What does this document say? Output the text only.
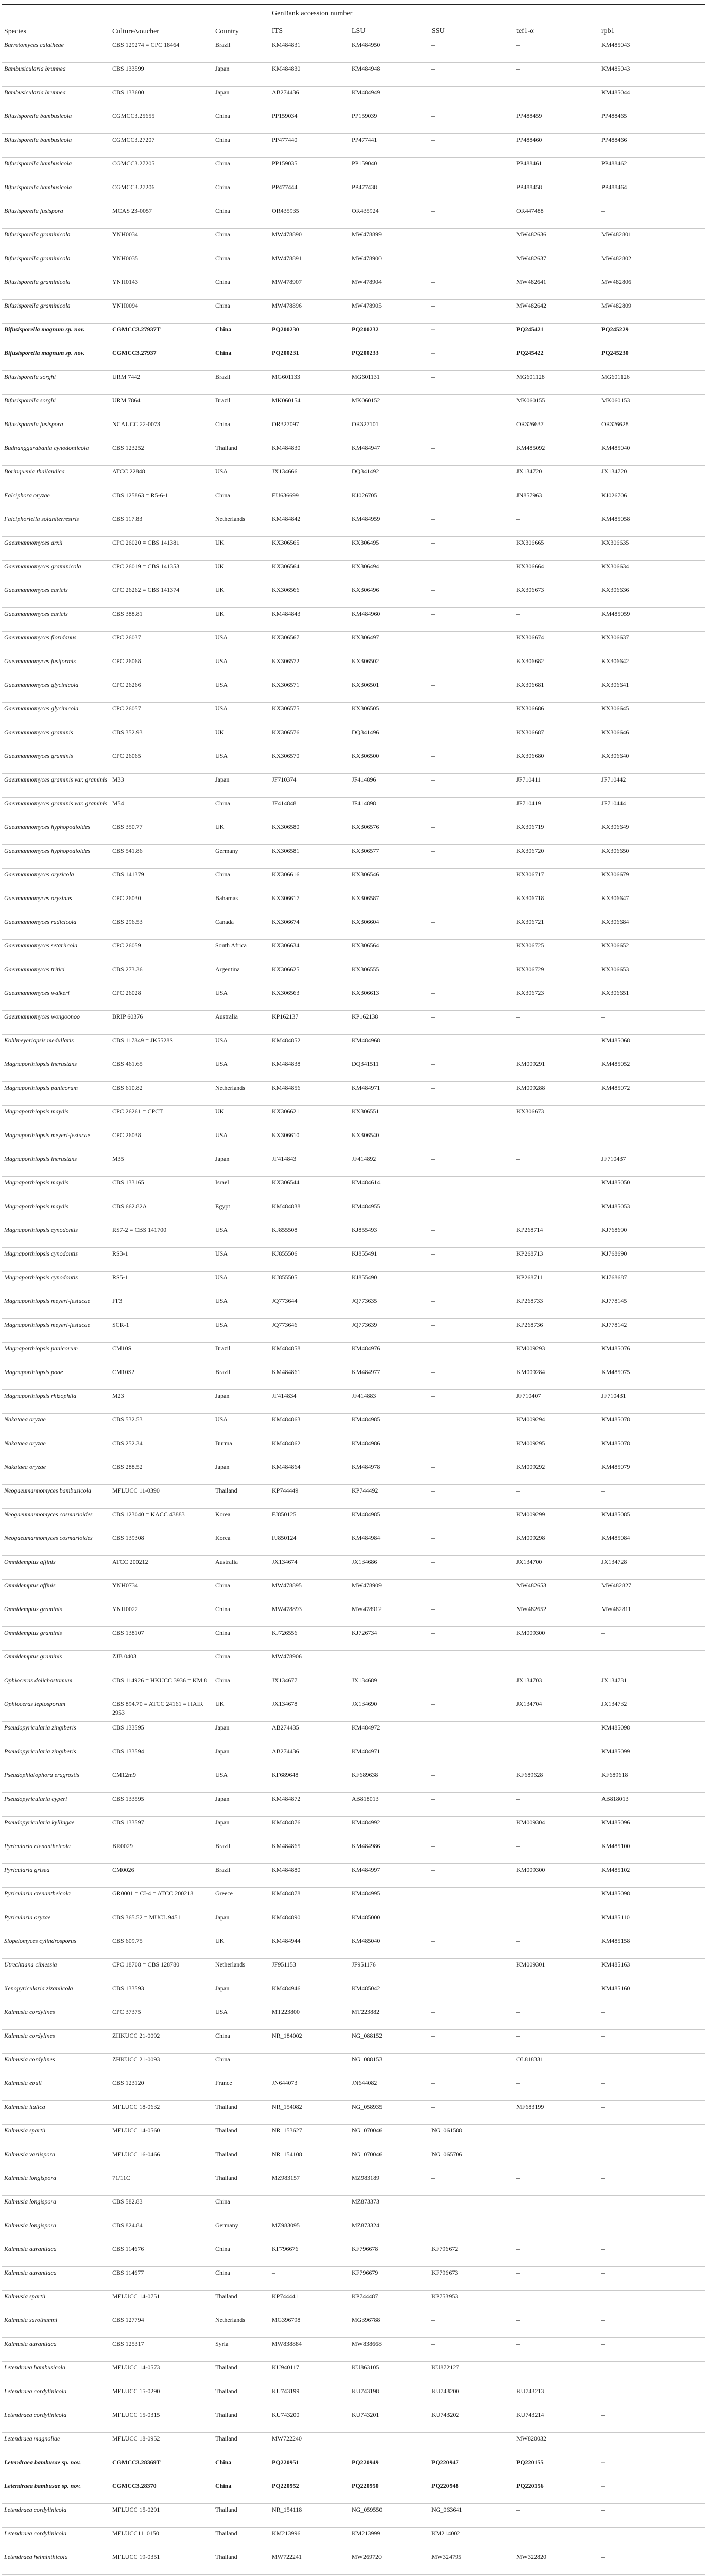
Species	Culture/voucher	Country	GenBank accession number				
			ITS	LSU	SSU	tef1-α	rpb1
Barretomyces calatheae	CBS 129274 = CPC 18464	Brazil	KM484831	KM484950	–	–	KM485043
Bambusicularia brunnea	CBS 133599	Japan	KM484830	KM484948	–	–	KM485043
Bambusicularia brunnea	CBS 133600	Japan	AB274436	KM484949	–	–	KM485044
Bifusisporella bambusicola	CGMCC3.25655	China	PP159034	PP159039	–	PP488459	PP488465
Bifusisporella bambusicola	CGMCC3.27207	China	PP477440	PP477441	–	PP488460	PP488466
Bifusisporella bambusicola	CGMCC3.27205	China	PP159035	PP159040	–	PP488461	PP488462
Bifusisporella bambusicola	CGMCC3.27206	China	PP477444	PP477438	–	PP488458	PP488464
Bifusisporella fusispora	MCAS 23-0057	China	OR435935	OR435924	–	OR447488	–
Bifusisporella graminicola	YNH0034	China	MW478890	MW478899	–	MW482636	MW482801
Bifusisporella graminicola	YNH0035	China	MW478891	MW478900	–	MW482637	MW482802
Bifusisporella graminicola	YNH0143	China	MW478907	MW478904	–	MW482641	MW482806
Bifusisporella graminicola	YNH0094	China	MW478896	MW478905	–	MW482642	MW482809
Bifusisporella magnum sp. nov.	CGMCC3.27937T	China	PQ200230	PQ200232	–	PQ245421	PQ245229
Bifusisporella magnum sp. nov.	CGMCC3.27937	China	PQ200231	PQ200233	–	PQ245422	PQ245230
Bifusisporella sorghi	URM 7442	Brazil	MG601133	MG601131	–	MG601128	MG601126
Bifusisporella sorghi	URM 7864	Brazil	MK060154	MK060152	–	MK060155	MK060153
Bifusisporella fusispora	NCAUCC 22-0073	China	OR327097	OR327101	–	OR326637	OR326628
Budhanggurabania cynodonticola	CBS 123252	Thailand	KM484830	KM484947	–	KM485092	KM485040
Borinquenia thailandica	ATCC 22848	USA	JX134666	DQ341492	–	JX134720	JX134720
Falciphora oryzae	CBS 125863 = R5-6-1	China	EU636699	KJ026705	–	JN857963	KJ026706
Falciphoriella solaniterrestris	CBS 117.83	Netherlands	KM484842	KM484959	–	–	KM485058
Gaeumannomyces arxii	CPC 26020 = CBS 141381	UK	KX306565	KX306495	–	KX306665	KX306635
Gaeumannomyces graminicola	CPC 26019 = CBS 141353	UK	KX306564	KX306494	–	KX306664	KX306634
Gaeumannomyces caricis	CPC 26262 = CBS 141374	UK	KX306566	KX306496	–	KX306673	KX306636
Gaeumannomyces caricis	CBS 388.81	UK	KM484843	KM484960	–	–	KM485059
Gaeumannomyces floridanus	CPC 26037	USA	KX306567	KX306497	–	KX306674	KX306637
Gaeumannomyces fusiformis	CPC 26068	USA	KX306572	KX306502	–	KX306682	KX306642
Gaeumannomyces glycinicola	CPC 26266	USA	KX306571	KX306501	–	KX306681	KX306641
Gaeumannomyces glycinicola	CPC 26057	USA	KX306575	KX306505	–	KX306686	KX306645
Gaeumannomyces graminis	CBS 352.93	UK	KX306576	DQ341496	–	KX306687	KX306646
Gaeumannomyces graminis	CPC 26065	USA	KX306570	KX306500	–	KX306680	KX306640
Gaeumannomyces graminis var. graminis	M33	Japan	JF710374	JF414896	–	JF710411	JF710442
Gaeumannomyces graminis var. graminis	M54	China	JF414848	JF414898	–	JF710419	JF710444
Gaeumannomyces hyphopodioides	CBS 350.77	UK	KX306580	KX306576	–	KX306719	KX306649
Gaeumannomyces hyphopodioides	CBS 541.86	Germany	KX306581	KX306577	–	KX306720	KX306650
Gaeumannomyces oryzicola	CBS 141379	China	KX306616	KX306546	–	KX306717	KX306679
Gaeumannomyces oryzinus	CPC 26030	Bahamas	KX306617	KX306587	–	KX306718	KX306647
Gaeumannomyces radicicola	CBS 296.53	Canada	KX306674	KX306604	–	KX306721	KX306684
Gaeumannomyces setariicola	CPC 26059	South Africa	KX306634	KX306564	–	KX306725	KX306652
Gaeumannomyces tritici	CBS 273.36	Argentina	KX306625	KX306555	–	KX306729	KX306653
Gaeumannomyces walkeri	CPC 26028	USA	KX306563	KX306613	–	KX306723	KX306651
Gaeumannomyces wongoonoo	BRIP 60376	Australia	KP162137	KP162138	–	–	–
Kohlmeyeriopsis medullaris	CBS 117849 = JK5528S	USA	KM484852	KM484968	–	–	KM485068
Magnaporthiopsis incrustans	CBS 461.65	USA	KM484838	DQ341511	–	KM009291	KM485052
Magnaporthiopsis panicorum	CBS 610.82	Netherlands	KM484856	KM484971	–	KM009288	KM485072
Magnaporthiopsis maydis	CPC 26261 = CPCT	UK	KX306621	KX306551	–	KX306673	–
Magnaporthiopsis meyeri-festucae	CPC 26038	USA	KX306610	KX306540	–	–	–
Magnaporthiopsis incrustans	M35	Japan	JF414843	JF414892	–	–	JF710437
Magnaporthiopsis maydis	CBS 133165	Israel	KX306544	KM484614	–	–	KM485050
Magnaporthiopsis maydis	CBS 662.82A	Egypt	KM484838	KM484955	–	–	KM485053
Magnaporthiopsis cynodontis	RS7-2 = CBS 141700	USA	KJ855508	KJ855493	–	KP268714	KJ768690
Magnaporthiopsis cynodontis	RS3-1	USA	KJ855506	KJ855491	–	KP268713	KJ768690
Magnaporthiopsis cynodontis	RS5-1	USA	KJ855505	KJ855490	–	KP268711	KJ768687
Magnaporthiopsis meyeri-festucae	FF3	USA	JQ773644	JQ773635	–	KP268733	KJ778145
Magnaporthiopsis meyeri-festucae	SCR-1	USA	JQ773646	JQ773639	–	KP268736	KJ778142
Magnaporthiopsis panicorum	CM10S	Brazil	KM484858	KM484976	–	KM009293	KM485076
Magnaporthiopsis poae	CM10S2	Brazil	KM484861	KM484977	–	KM009284	KM485075
Magnaporthiopsis rhizophila	M23	Japan	JF414834	JF414883	–	JF710407	JF710431
Nakataea oryzae	CBS 532.53	USA	KM484863	KM484985	–	KM009294	KM485078
Nakataea oryzae	CBS 252.34	Burma	KM484862	KM484986	–	KM009295	KM485078
Nakataea oryzae	CBS 288.52	Japan	KM484864	KM484978	–	KM009292	KM485079
Neogaeumannomyces bambusicola	MFLUCC 11-0390	Thailand	KP744449	KP744492	–	–	–
Neogaeumannomyces cosmarioides	CBS 123040 = KACC 43883	Korea	FJ850125	KM484985	–	KM009299	KM485085
Neogaeumannomyces cosmarioides	CBS 139308	Korea	FJ850124	KM484984	–	KM009298	KM485084
Omnidemptus affinis	ATCC 200212	Australia	JX134674	JX134686	–	JX134700	JX134728
Omnidemptus affinis	YNH0734	China	MW478895	MW478909	–	MW482653	MW482827
Omnidemptus graminis	YNH0022	China	MW478893	MW478912	–	MW482652	MW482811
Omnidemptus graminis	CBS 138107	China	KJ726556	KJ726734	–	KM009300	–
Omnidemptus graminis	ZJB 0403	China	MW478906	–	–	–	–
Ophioceras dolichostomum	CBS 114926 = HKUCC 3936 = KM 8	China	JX134677	JX134689	–	JX134703	JX134731
Ophioceras leptosporum	CBS 894.70 = ATCC 24161 = HAIR 2953	UK	JX134678	JX134690	–	JX134704	JX134732
Pseudopyricularia zingiberis	CBS 133595	Japan	AB274435	KM484972	–	–	KM485098
Pseudopyricularia zingiberis	CBS 133594	Japan	AB274436	KM484971	–	–	KM485099
Pseudophialophora eragrostis	CM12m9	USA	KF689648	KF689638	–	KF689628	KF689618
Pseudopyricularia cyperi	CBS 133595	Japan	KM484872	AB818013	–	–	AB818013
Pseudopyricularia kyllingae	CBS 133597	Japan	KM484876	KM484992	–	KM009304	KM485096
Pyricularia ctenantheicola	BR0029	Brazil	KM484865	KM484986	–	–	KM485100
Pyricularia grisea	CM0026	Brazil	KM484880	KM484997	–	KM009300	KM485102
Pyricularia ctenantheicola	GR0001 = CI-4 = ATCC 200218	Greece	KM484878	KM484995	–	–	KM485098
Pyricularia oryzae	CBS 365.52 = MUCL 9451	Japan	KM484890	KM485000	–	–	KM485110
Slopeiomyces cylindrosporus	CBS 609.75	UK	KM484944	KM485040	–	–	KM485158
Utrechtiana cibiessia	CPC 18708 = CBS 128780	Netherlands	JF951153	JF951176	–	KM009301	KM485163
Xenopyricularia zizaniicola	CBS 133593	Japan	KM484946	KM485042	–	–	KM485160
Kalmusia cordylines	CPC 37375	USA	MT223800	MT223882	–	–	–
Kalmusia cordylines	ZHKUCC 21-0092	China	NR_184002	NG_088152	–	–	–
Kalmusia cordylines	ZHKUCC 21-0093	China	–	NG_088153	–	OL818331	–
Kalmusia ebuli	CBS 123120	France	JN644073	JN644082	–	–	–
Kalmusia italica	MFLUCC 18-0632	Thailand	NR_154082	NG_058935	–	MF683199	–
Kalmusia spartii	MFLUCC 14-0560	Thailand	NR_153627	NG_070046	NG_061588	–	–
Kalmusia variispora	MFLUCC 16-0466	Thailand	NR_154108	NG_070046	NG_065706	–	–
Kalmusia longispora	71/11C	Thailand	MZ983157	MZ983189	–	–	–
Kalmusia longispora	CBS 582.83	China	–	MZ873373	–	–	–
Kalmusia longispora	CBS 824.84	Germany	MZ983095	MZ873324	–	–	–
Kalmusia aurantiaca	CBS 114676	China	KF796676	KF796678	KF796672	–	–
Kalmusia aurantiaca	CBS 114677	China	–	KF796679	KF796673	–	–
Kalmusia spartii	MFLUCC 14-0751	Thailand	KP744441	KP744487	KP753953	–	–
Kalmusia sarothamni	CBS 127794	Netherlands	MG396798	MG396788	–	–	–
Kalmusia aurantiaca	CBS 125317	Syria	MW838884	MW838668	–	–	–
Letendraea bambusicola	MFLUCC 14-0573	Thailand	KU940117	KU863105	KU872127	–	–
Letendraea cordylinicola	MFLUCC 15-0290	Thailand	KU743199	KU743198	KU743200	KU743213	–
Letendraea cordylinicola	MFLUCC 15-0315	Thailand	KU743200	KU743201	KU743202	KU743214	–
Letendraea magnoliae	MFLUCC 18-0952	Thailand	MW722240	–	–	MW820032	–
Letendraea bambusae sp. nov.	CGMCC3.28369T	China	PQ220951	PQ220949	PQ220947	PQ220155	–
Letendraea bambusae sp. nov.	CGMCC3.28370	China	PQ220952	PQ220950	PQ220948	PQ220156	–
Letendraea cordylinicola	MFLUCC 15-0291	Thailand	NR_154118	NG_059550	NG_063641	–	–
Letendraea cordylinicola	MFLUCC11_0150	Thailand	KM213996	KM213999	KM214002	–	–
Letendraea helminthicola	MFLUCC 19-0351	Thailand	MW722241	MW269720	MW324795	MW322820	–
